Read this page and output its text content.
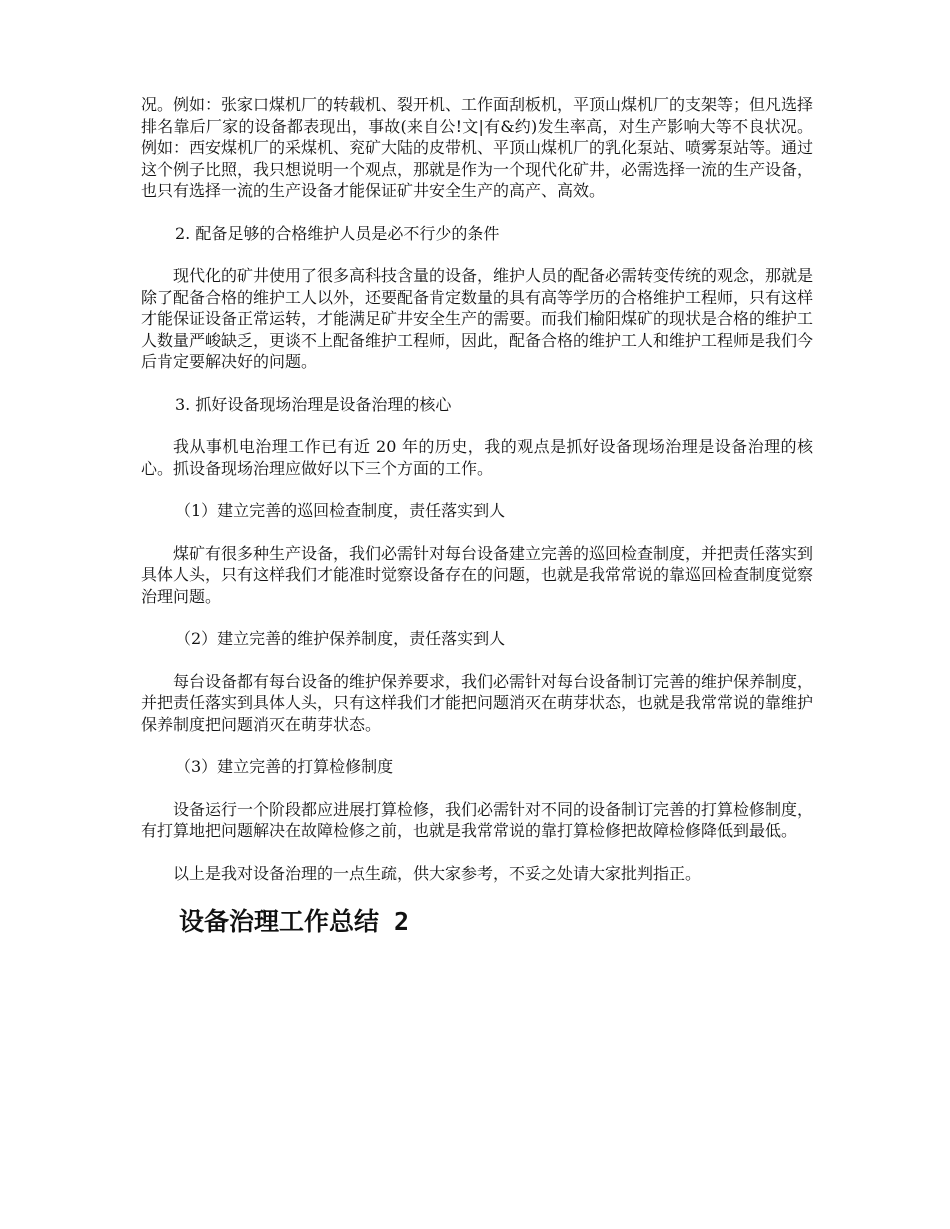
况。例如：张家口煤机厂的转载机、裂开机、工作面刮板机，平顶山煤机厂的支架等；但凡选择排名靠后厂家的设备都表现出，事故(来自公!文|有&约)发生率高，对生产影响大等不良状况。例如：西安煤机厂的采煤机、兖矿大陆的皮带机、平顶山煤机厂的乳化泵站、喷雾泵站等。通过这个例子比照，我只想说明一个观点，那就是作为一个现代化矿井，必需选择一流的生产设备，也只有选择一流的生产设备才能保证矿井安全生产的高产、高效。

2. 配备足够的合格维护人员是必不行少的条件

现代化的矿井使用了很多高科技含量的设备，维护人员的配备必需转变传统的观念，那就是除了配备合格的维护工人以外，还要配备肯定数量的具有高等学历的合格维护工程师，只有这样才能保证设备正常运转，才能满足矿井安全生产的需要。而我们榆阳煤矿的现状是合格的维护工人数量严峻缺乏，更谈不上配备维护工程师，因此，配备合格的维护工人和维护工程师是我们今后肯定要解决好的问题。

3. 抓好设备现场治理是设备治理的核心

我从事机电治理工作已有近 20 年的历史，我的观点是抓好设备现场治理是设备治理的核心。抓设备现场治理应做好以下三个方面的工作。

（1）建立完善的巡回检查制度，责任落实到人

煤矿有很多种生产设备，我们必需针对每台设备建立完善的巡回检查制度，并把责任落实到具体人头，只有这样我们才能准时觉察设备存在的问题，也就是我常常说的靠巡回检查制度觉察治理问题。

（2）建立完善的维护保养制度，责任落实到人

每台设备都有每台设备的维护保养要求，我们必需针对每台设备制订完善的维护保养制度，并把责任落实到具体人头，只有这样我们才能把问题消灭在萌芽状态，也就是我常常说的靠维护保养制度把问题消灭在萌芽状态。

（3）建立完善的打算检修制度

设备运行一个阶段都应进展打算检修，我们必需针对不同的设备制订完善的打算检修制度，有打算地把问题解决在故障检修之前，也就是我常常说的靠打算检修把故障检修降低到最低。

以上是我对设备治理的一点生疏，供大家参考，不妥之处请大家批判指正。

设备治理工作总结 2
